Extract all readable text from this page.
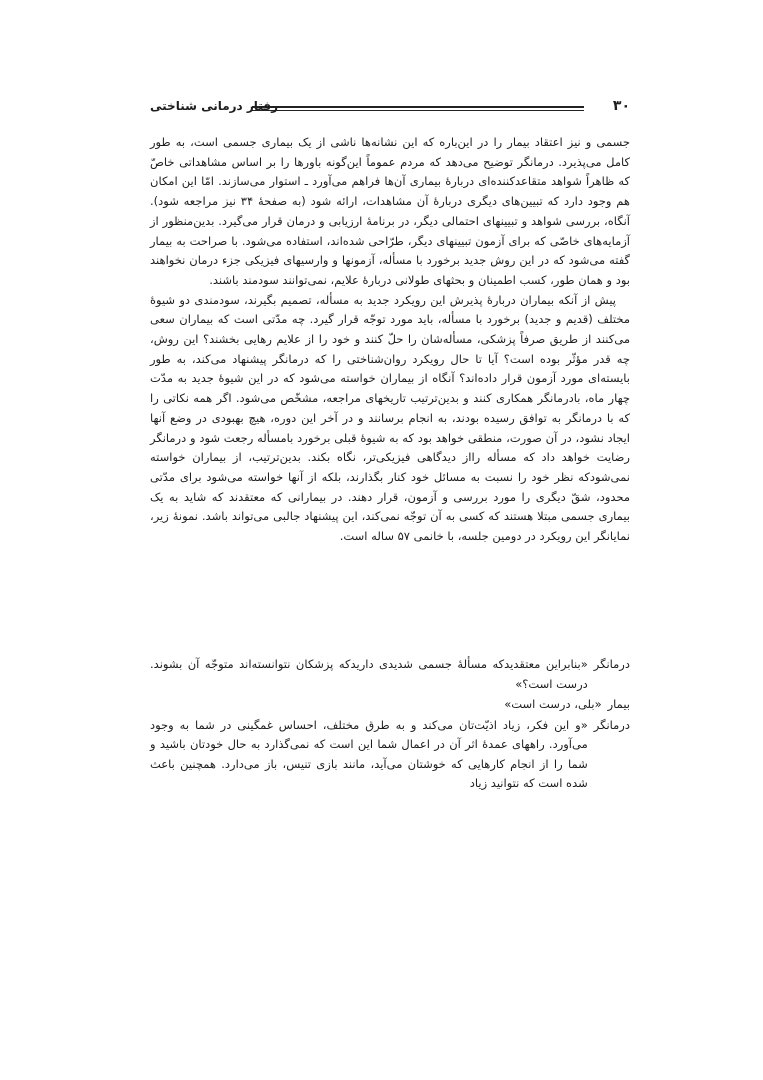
۳۰
رفتار درمانی شناختی

جسمی و نیز اعتقاد بیمار را در این‌باره که این نشانه‌ها ناشی از یک بیماری جسمی است، به طور کامل می‌پذیرد. درمانگر توضیح می‌دهد که مردم عموماً این‌گونه باورها را بر اساس مشاهداتی خاصّ که ظاهراً شواهد متقاعدکننده‌ای دربارهٔ بیماری آن‌ها فراهم می‌آورد ـ استوار می‌سازند. امّا این امکان هم وجود دارد که تبیین‌های دیگری دربارهٔ آن مشاهدات، ارائه شود (به صفحهٔ ۳۴ نیز مراجعه شود). آنگاه، بررسی شواهد و تبیینهای احتمالی دیگر، در برنامهٔ ارزیابی و درمان قرار می‌گیرد. بدین‌منظور از آزمایه‌های خاصّی که برای آزمون تبیینهای دیگر، طرّاحی شده‌اند، استفاده می‌شود. با صراحت به بیمار گفته می‌شود که در این روش جدید برخورد با مسأله، آزمونها و وارسیهای فیزیکی جزء درمان نخواهند بود و همان طور، کسب اطمینان و بحثهای طولانی دربارهٔ علایم، نمی‌توانند سودمند باشند.

پیش از آنکه بیماران دربارهٔ پذیرش این رویکرد جدید به مسأله، تصمیم بگیرند، سودمندی دو شیوهٔ مختلف (قدیم و جدید) برخورد با مسأله، باید مورد توجّه قرار گیرد. چه مدّتی است که بیماران سعی می‌کنند از طریق صرفاً پزشکی، مسأله‌شان را حلّ کنند و خود را از علایم رهایی بخشند؟ این روش، چه قدر مؤثّر بوده است؟ آیا تا حال رویکرد روان‌شناختی را که درمانگر پیشنهاد می‌کند، به طور بایسته‌ای مورد آزمون قرار داده‌اند؟ آنگاه از بیماران خواسته می‌شود که در این شیوهٔ جدید به مدّت چهار ماه، بادرمانگر همکاری کنند و بدین‌ترتیب تاریخهای مراجعه، مشخّص می‌شود. اگر همه نکاتی را که با درمانگر به توافق رسیده بودند، به انجام برسانند و در آخر این دوره، هیچ بهبودی در وضع آنها ایجاد نشود، در آن صورت، منطقی خواهد بود که به شیوهٔ قبلی برخورد بامسأله رجعت شود و درمانگر رضایت خواهد داد که مسأله رااز دیدگاهی فیزیکی‌تر، نگاه بکند. بدین‌ترتیب، از بیماران خواسته نمی‌شودکه نظر خود را نسبت به مسائل خود کنار بگذارند، بلکه از آنها خواسته می‌شود برای مدّتی محدود، شقّ دیگری را مورد بررسی و آزمون، قرار دهند. در بیمارانی که معتقدند که شاید به یک بیماری جسمی مبتلا هستند که کسی به آن توجّه نمی‌کند، این پیشنهاد جالبی می‌تواند باشد. نمونهٔ زیر، نمایانگر این رویکرد در دومین جلسه، با خانمی ۵۷ ساله است.

درمانگر
«بنابراین معتقدید‌که مسألهٔ جسمی شدیدی دارید‌که پزشکان نتوانسته‌اند متوجّه آن بشوند. درست است؟»
بیمار
«بلی، درست است»
درمانگر
«و این فکر، زیاد اذیّت‌تان می‌کند و به طرق مختلف، احساس غمگینی در شما به وجود می‌آورد. راههای عمدهٔ اثر آن در اعمال شما این است که نمی‌گذارد به حال خودتان باشید و شما را از انجام کارهایی که خوشتان می‌آید، مانند بازی تنیس، باز می‌دارد. همچنین باعث شده است که نتوانید زیاد
